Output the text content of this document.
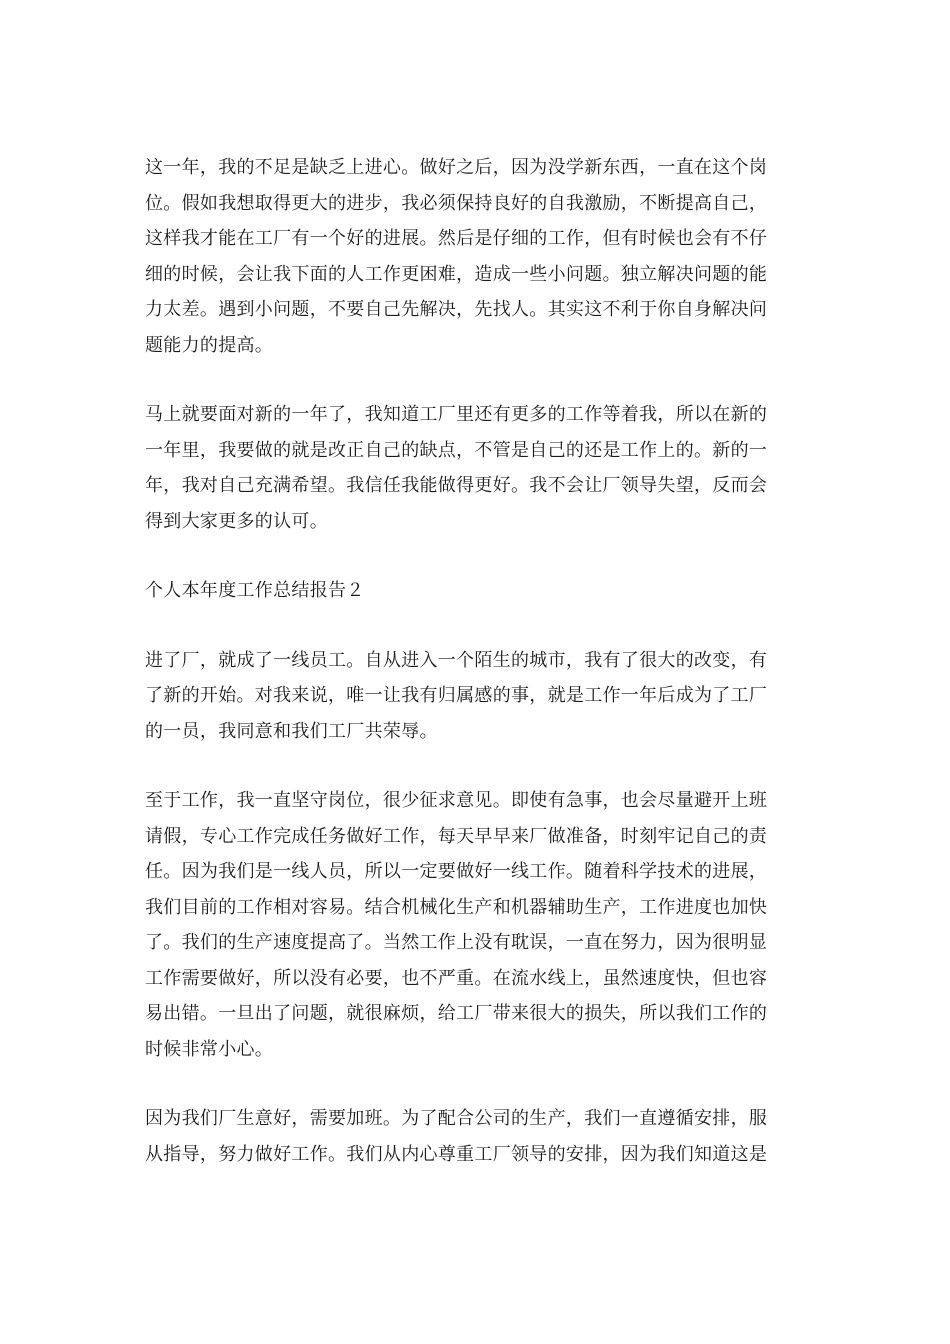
这一年，我的不足是缺乏上进心。做好之后，因为没学新东西，一直在这个岗
位。假如我想取得更大的进步，我必须保持良好的自我激励，不断提高自己，
这样我才能在工厂有一个好的进展。然后是仔细的工作，但有时候也会有不仔
细的时候，会让我下面的人工作更困难，造成一些小问题。独立解决问题的能
力太差。遇到小问题，不要自己先解决，先找人。其实这不利于你自身解决问
题能力的提高。

马上就要面对新的一年了，我知道工厂里还有更多的工作等着我，所以在新的
一年里，我要做的就是改正自己的缺点，不管是自己的还是工作上的。新的一
年，我对自己充满希望。我信任我能做得更好。我不会让厂领导失望，反而会
得到大家更多的认可。

个人本年度工作总结报告２

进了厂，就成了一线员工。自从进入一个陌生的城市，我有了很大的改变，有
了新的开始。对我来说，唯一让我有归属感的事，就是工作一年后成为了工厂
的一员，我同意和我们工厂共荣辱。

至于工作，我一直坚守岗位，很少征求意见。即使有急事，也会尽量避开上班
请假，专心工作完成任务做好工作，每天早早来厂做准备，时刻牢记自己的责
任。因为我们是一线人员，所以一定要做好一线工作。随着科学技术的进展，
我们目前的工作相对容易。结合机械化生产和机器辅助生产，工作进度也加快
了。我们的生产速度提高了。当然工作上没有耽误，一直在努力，因为很明显
工作需要做好，所以没有必要，也不严重。在流水线上，虽然速度快，但也容
易出错。一旦出了问题，就很麻烦，给工厂带来很大的损失，所以我们工作的
时候非常小心。

因为我们厂生意好，需要加班。为了配合公司的生产，我们一直遵循安排，服
从指导，努力做好工作。我们从内心尊重工厂领导的安排，因为我们知道这是
